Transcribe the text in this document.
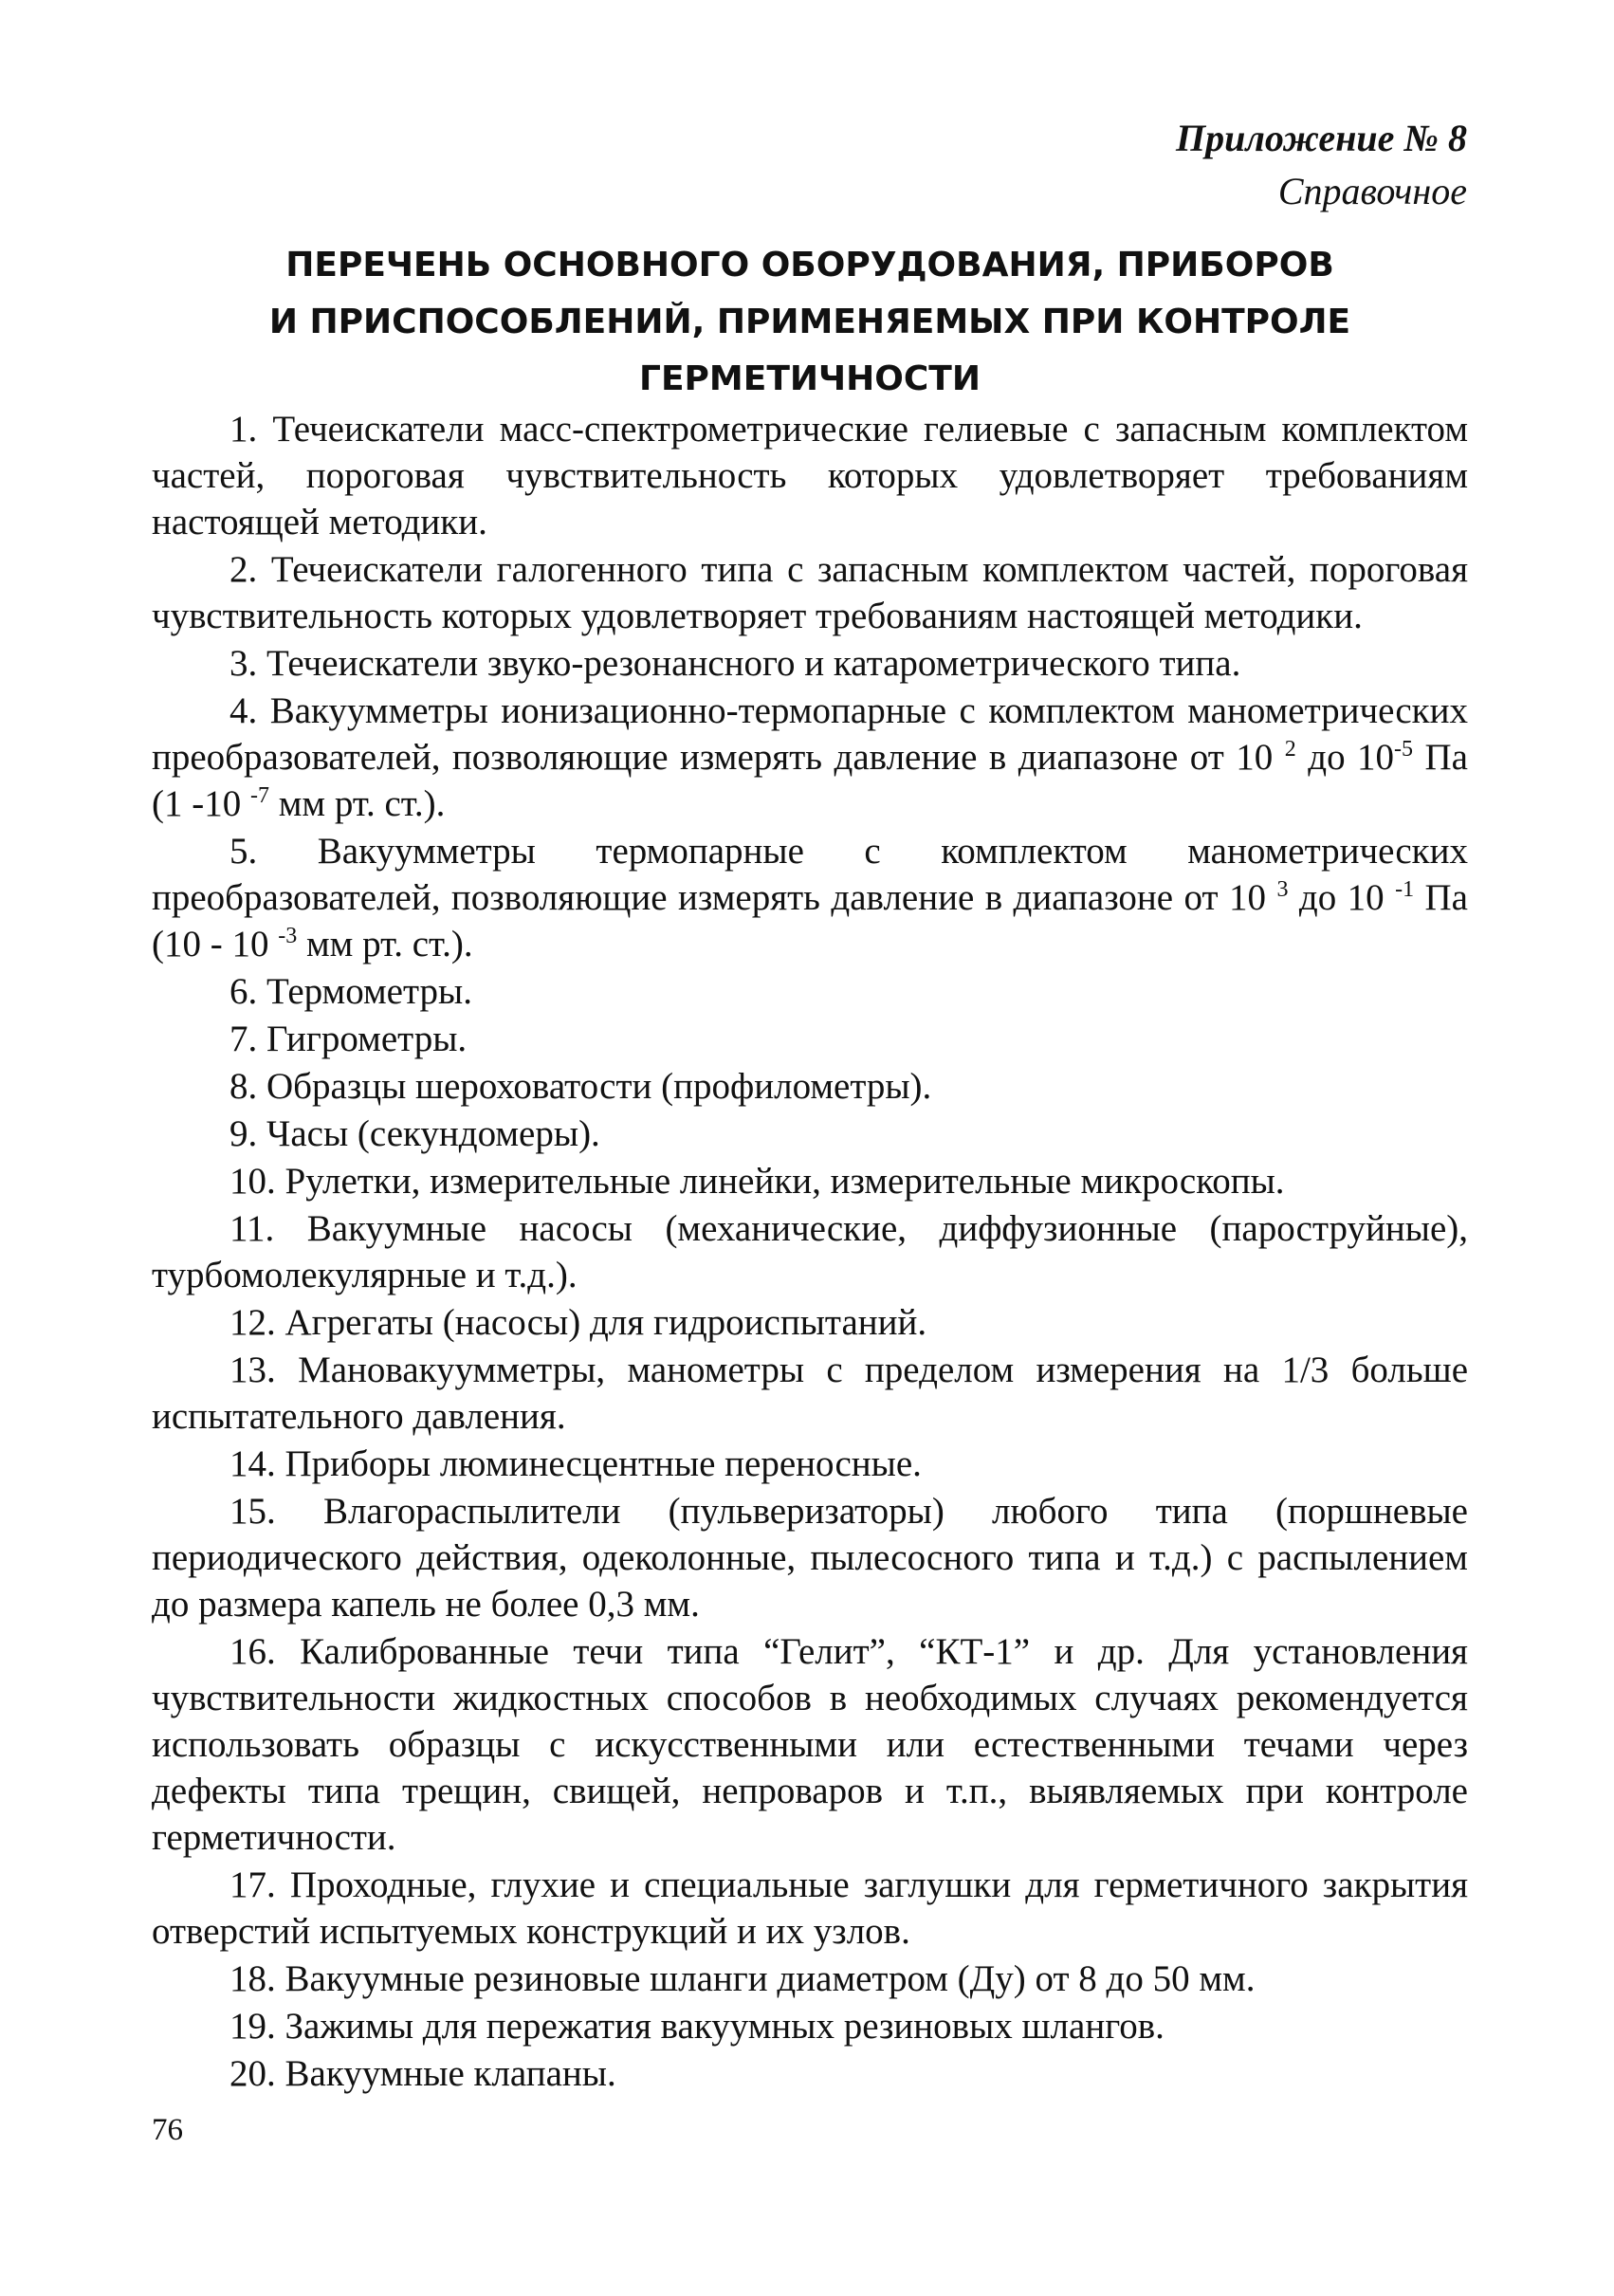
Приложение № 8
Справочное
ПЕРЕЧЕНЬ ОСНОВНОГО ОБОРУДОВАНИЯ, ПРИБОРОВ
И ПРИСПОСОБЛЕНИЙ, ПРИМЕНЯЕМЫХ ПРИ КОНТРОЛЕ
ГЕРМЕТИЧНОСТИ

1. Течеискатели масс-спектрометрические гелиевые с запасным комплектом частей, пороговая чувствительность которых удовлетворяет требованиям настоящей методики.

2. Течеискатели галогенного типа с запасным комплектом частей, пороговая чувствительность которых удовлетворяет требованиям настоящей методики.

3. Течеискатели звуко-резонансного и катарометрического типа.

4. Вакуумметры ионизационно-термопарные с комплектом манометрических преобразователей, позволяющие измерять давление в диапазоне от 10 $^2$ до $10^{-5}$ Па (1 -10 $^{-7}$ мм рт. ст.).

5. Вакуумметры термопарные с комплектом манометрических преобразователей, позволяющие измерять давление в диапазоне от 10 $^3$ до 10 $^{-1}$ Па (10 - 10 $^{-3}$ мм рт. ст.).

6. Термометры.

7. Гигрометры.

8. Образцы шероховатости (профилометры).

9. Часы (секундомеры).

10. Рулетки, измерительные линейки, измерительные микроскопы.

11. Вакуумные насосы (механические, диффузионные (пароструйные), турбомолекулярные и т.д.).

12. Агрегаты (насосы) для гидроиспытаний.

13. Мановакуумметры, манометры с пределом измерения на 1/3 больше испытательного давления.

14. Приборы люминесцентные переносные.

15. Влагораспылители (пульверизаторы) любого типа (поршневые периодического действия, одеколонные, пылесосного типа и т.д.) с распылением до размера капель не более 0,3 мм.

16. Калиброванные течи типа “Гелит”, “КТ-1” и др. Для установления чувствительности жидкостных способов в необходимых случаях рекомендуется использовать образцы с искусственными или естественными течами через дефекты типа трещин, свищей, непроваров и т.п., выявляемых при контроле герметичности.

17. Проходные, глухие и специальные заглушки для герметичного закрытия отверстий испытуемых конструкций и их узлов.

18. Вакуумные резиновые шланги диаметром (Ду) от 8 до 50 мм.

19. Зажимы для пережатия вакуумных резиновых шлангов.

20. Вакуумные клапаны.

76
